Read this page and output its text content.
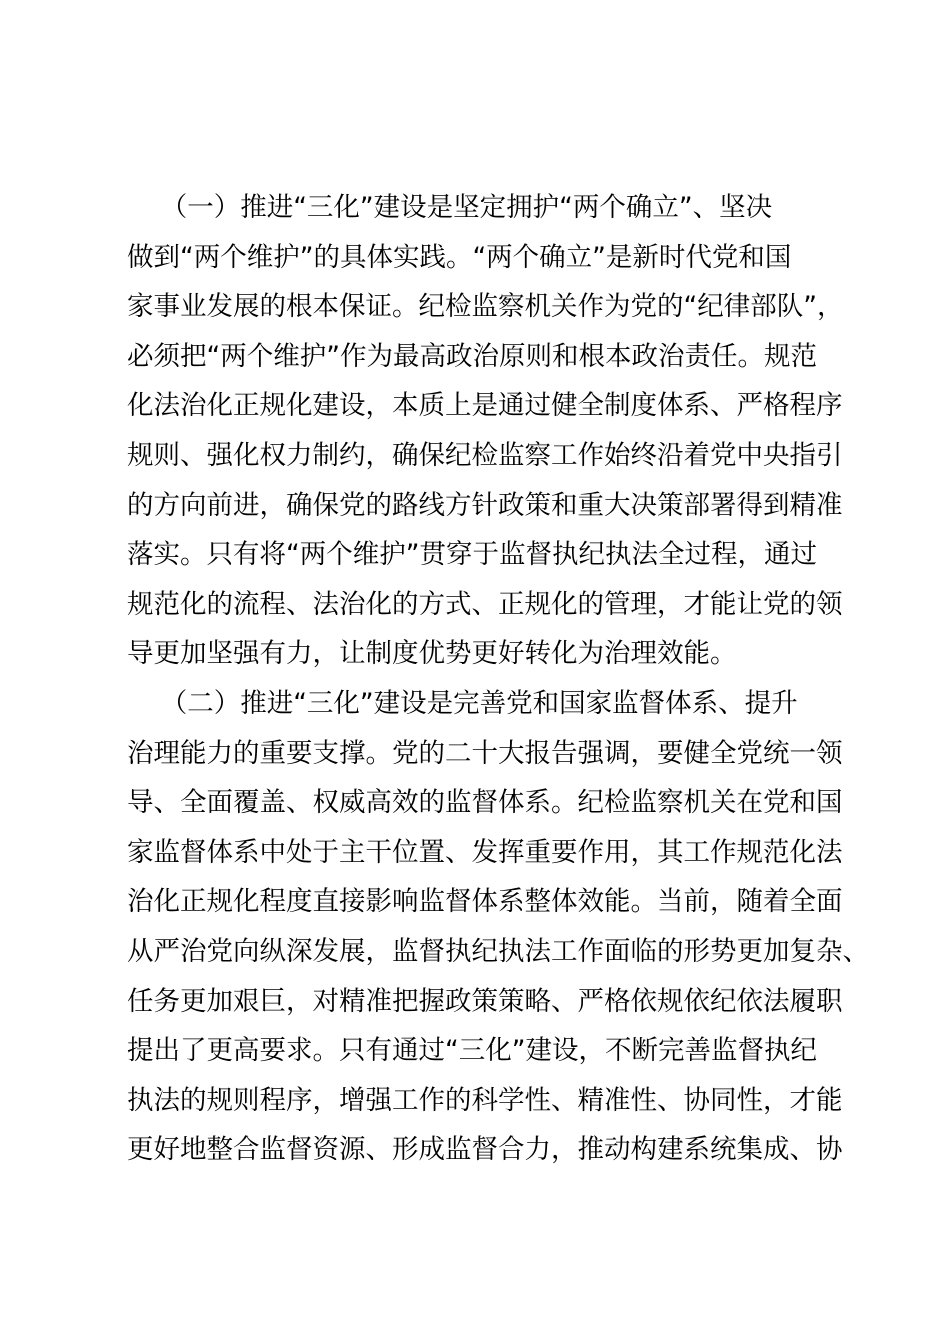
（一）推进“三化”建设是坚定拥护“两个确立”、坚决
做到“两个维护”的具体实践。“两个确立”是新时代党和国
家事业发展的根本保证。纪检监察机关作为党的“纪律部队”，
必须把“两个维护”作为最高政治原则和根本政治责任。规范
化法治化正规化建设，本质上是通过健全制度体系、严格程序
规则、强化权力制约，确保纪检监察工作始终沿着党中央指引
的方向前进，确保党的路线方针政策和重大决策部署得到精准
落实。只有将“两个维护”贯穿于监督执纪执法全过程，通过
规范化的流程、法治化的方式、正规化的管理，才能让党的领
导更加坚强有力，让制度优势更好转化为治理效能。
（二）推进“三化”建设是完善党和国家监督体系、提升
治理能力的重要支撑。党的二十大报告强调，要健全党统一领
导、全面覆盖、权威高效的监督体系。纪检监察机关在党和国
家监督体系中处于主干位置、发挥重要作用，其工作规范化法
治化正规化程度直接影响监督体系整体效能。当前，随着全面
从严治党向纵深发展，监督执纪执法工作面临的形势更加复杂、
任务更加艰巨，对精准把握政策策略、严格依规依纪依法履职
提出了更高要求。只有通过“三化”建设，不断完善监督执纪
执法的规则程序，增强工作的科学性、精准性、协同性，才能
更好地整合监督资源、形成监督合力，推动构建系统集成、协
